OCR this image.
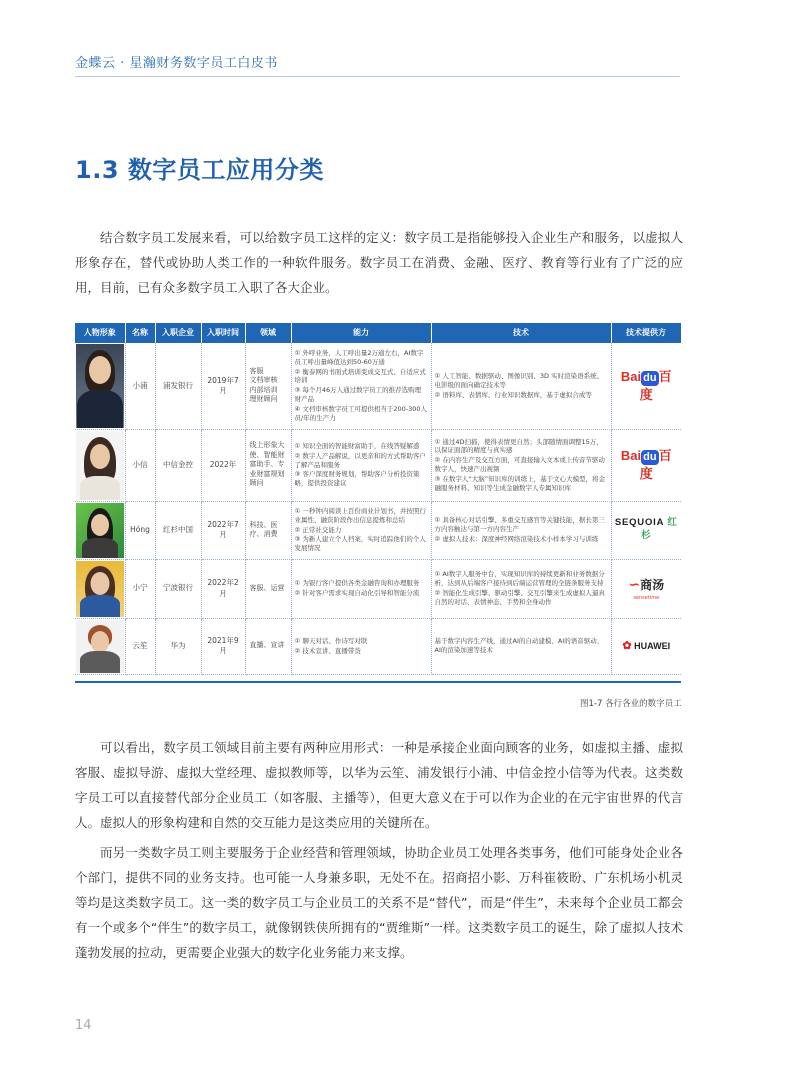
金蝶云 · 星瀚财务数字员工白皮书
1.3 数字员工应用分类

结合数字员工发展来看，可以给数字员工这样的定义：数字员工是指能够投入企业生产和服务，以虚拟人形象存在，替代或协助人类工作的一种软件服务。数字员工在消费、金融、医疗、教育等行业有了广泛的应用，目前，已有众多数字员工入职了各大企业。

人物形象	名称	入职企业	入职时间	领域	能力	技术	技术提供方

	小浦	浦发银行	2019年7月	客服
文档审核
内部培训
理财顾问	① 外呼业务，人工呼出量2万通左右，AI数字员工呼出量峰值达到50-60万通
② 衡泰网的书面式培训变成交互式、自适应式培训
③ 每个月46万人通过数字员工的推荐选购理财产品
④ 文档审核数字员工可提供相当于200-300人员/年的生产力	① 人工智能、数据驱动、图像识别、3D 实时渲染语系统、电影级的面向确定技术等
② 语料库、表情库、行业知识数据库，基于虚拟合成等	Bai du 百度

	小信	中信金控	2022年	线上形象大使、智能财富助手、专业财富规划顾问	① 知识全面的智能财富助手，在线答疑解惑
② 数字人产品解说，以更亲和的方式帮助客户了解产品和服务
③ 客户深度财务规划，帮助客户分析投资策略，提供投资建议	① 通过4D扫描，使得表情更自然；头部随情面调整15万，以保证面部的精度与真实感
② 在内容生产及交互方面，可直接输入文本或上传音节驱动数字人，快速产出视频
③ 在数字人“大脑”知识库的训练上，基于文心大模型，将金融服务材料、知识等生成金融数字人专属知识库	Bai du 百度

	Hóng	红杉中国	2022年7月	科技、医疗、消费	① 一秒钟内阅读上百份商业计划书，并按照行业属性、融资阶段作出信息提炼和总结
② 正常社交能力
③ 为新人建立个人档案，实时追踪他们的个人发展情况	① 具备核心对话引擎、多重交互感官等关键技能，据长第三方内容触达与第一方内容生产
② 虚拟人技术：深度神经网络渲染技术小样本学习与训练	SEQUOIA 红杉

	小宁	宁波银行	2022年2月	客服、运营	① 为银行客户提供各类金融咨询和办理服务
② 针对客户需求实现自动化引导和智能分流	① AI数字人服务中台，实现知识库的持续更新和业务数据分析，达到从后端客户接待到后端运营管理的全链条服务支持
② 智能化生成引擎、驱动引擎、交互引擎来生成虚拟人逼真自然的对话、表情神态、手势和全身动作	∽商汤
sensetime

	云笙	华为	2021年9月	直播、宣讲	① 聊天对话、作诗写对联
② 技术宣讲、直播带货	基于数字内容生产线，通过AI的自动建模、AI的语音驱动、AI的渲染加速等技术	✿ HUAWEI
图1-7 各行各业的数字员工

可以看出，数字员工领域目前主要有两种应用形式：一种是承接企业面向顾客的业务，如虚拟主播、虚拟客服、虚拟导游、虚拟大堂经理、虚拟教师等，以华为云笙、浦发银行小浦、中信金控小信等为代表。这类数字员工可以直接替代部分企业员工（如客服、主播等），但更大意义在于可以作为企业的在元宇宙世界的代言人。虚拟人的形象构建和自然的交互能力是这类应用的关键所在。

而另一类数字员工则主要服务于企业经营和管理领域，协助企业员工处理各类事务，他们可能身处企业各个部门，提供不同的业务支持。也可能一人身兼多职，无处不在。招商招小影、万科崔筱盼、广东机场小机灵等均是这类数字员工。这一类的数字员工与企业员工的关系不是“替代”，而是“伴生”，未来每个企业员工都会有一个或多个“伴生”的数字员工，就像钢铁侠所拥有的“贾维斯”一样。这类数字员工的诞生，除了虚拟人技术蓬勃发展的拉动，更需要企业强大的数字化业务能力来支撑。

14
